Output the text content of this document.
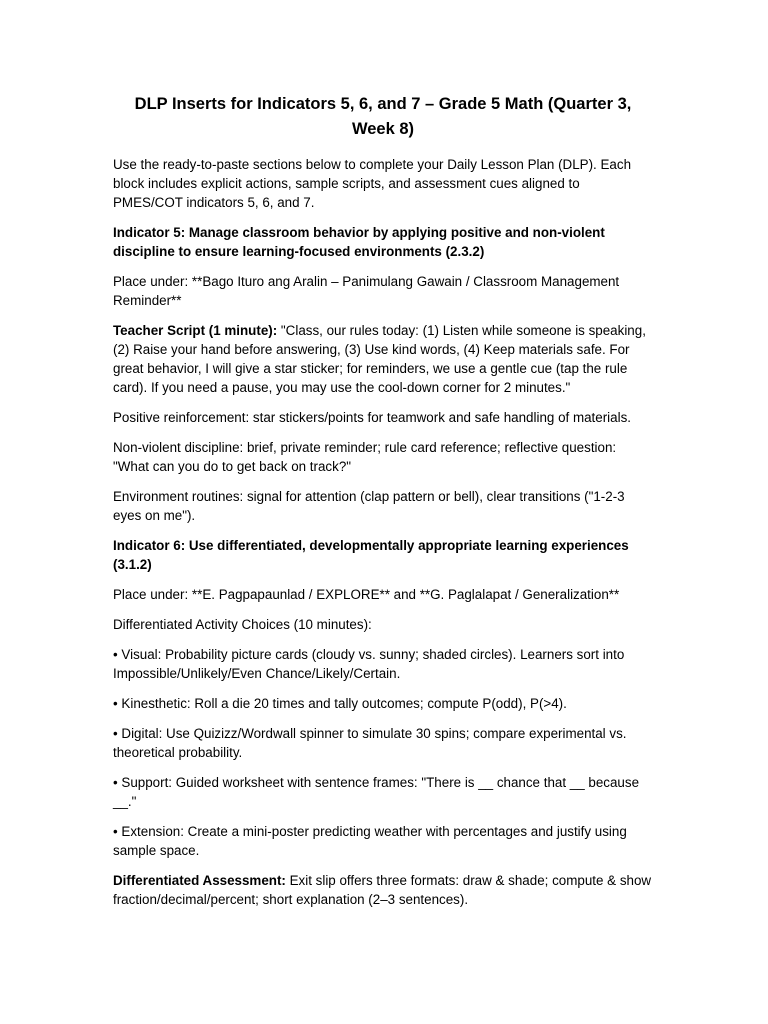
DLP Inserts for Indicators 5, 6, and 7 – Grade 5 Math (Quarter 3, Week 8)

Use the ready-to-paste sections below to complete your Daily Lesson Plan (DLP). Each block includes explicit actions, sample scripts, and assessment cues aligned to PMES/COT indicators 5, 6, and 7.

Indicator 5: Manage classroom behavior by applying positive and non-violent discipline to ensure learning-focused environments (2.3.2)

Place under: **Bago Ituro ang Aralin – Panimulang Gawain / Classroom Management Reminder**

Teacher Script (1 minute): "Class, our rules today: (1) Listen while someone is speaking, (2) Raise your hand before answering, (3) Use kind words, (4) Keep materials safe. For great behavior, I will give a star sticker; for reminders, we use a gentle cue (tap the rule card). If you need a pause, you may use the cool-down corner for 2 minutes."

Positive reinforcement: star stickers/points for teamwork and safe handling of materials.

Non-violent discipline: brief, private reminder; rule card reference; reflective question: "What can you do to get back on track?"

Environment routines: signal for attention (clap pattern or bell), clear transitions ("1-2-3 eyes on me").

Indicator 6: Use differentiated, developmentally appropriate learning experiences (3.1.2)

Place under: **E. Pagpapaunlad / EXPLORE** and **G. Paglalapat / Generalization**

Differentiated Activity Choices (10 minutes):

• Visual: Probability picture cards (cloudy vs. sunny; shaded circles). Learners sort into Impossible/Unlikely/Even Chance/Likely/Certain.

• Kinesthetic: Roll a die 20 times and tally outcomes; compute P(odd), P(>4).

• Digital: Use Quizizz/Wordwall spinner to simulate 30 spins; compare experimental vs. theoretical probability.

• Support: Guided worksheet with sentence frames: "There is __ chance that __ because __."

• Extension: Create a mini-poster predicting weather with percentages and justify using sample space.

Differentiated Assessment: Exit slip offers three formats: draw & shade; compute & show fraction/decimal/percent; short explanation (2–3 sentences).
